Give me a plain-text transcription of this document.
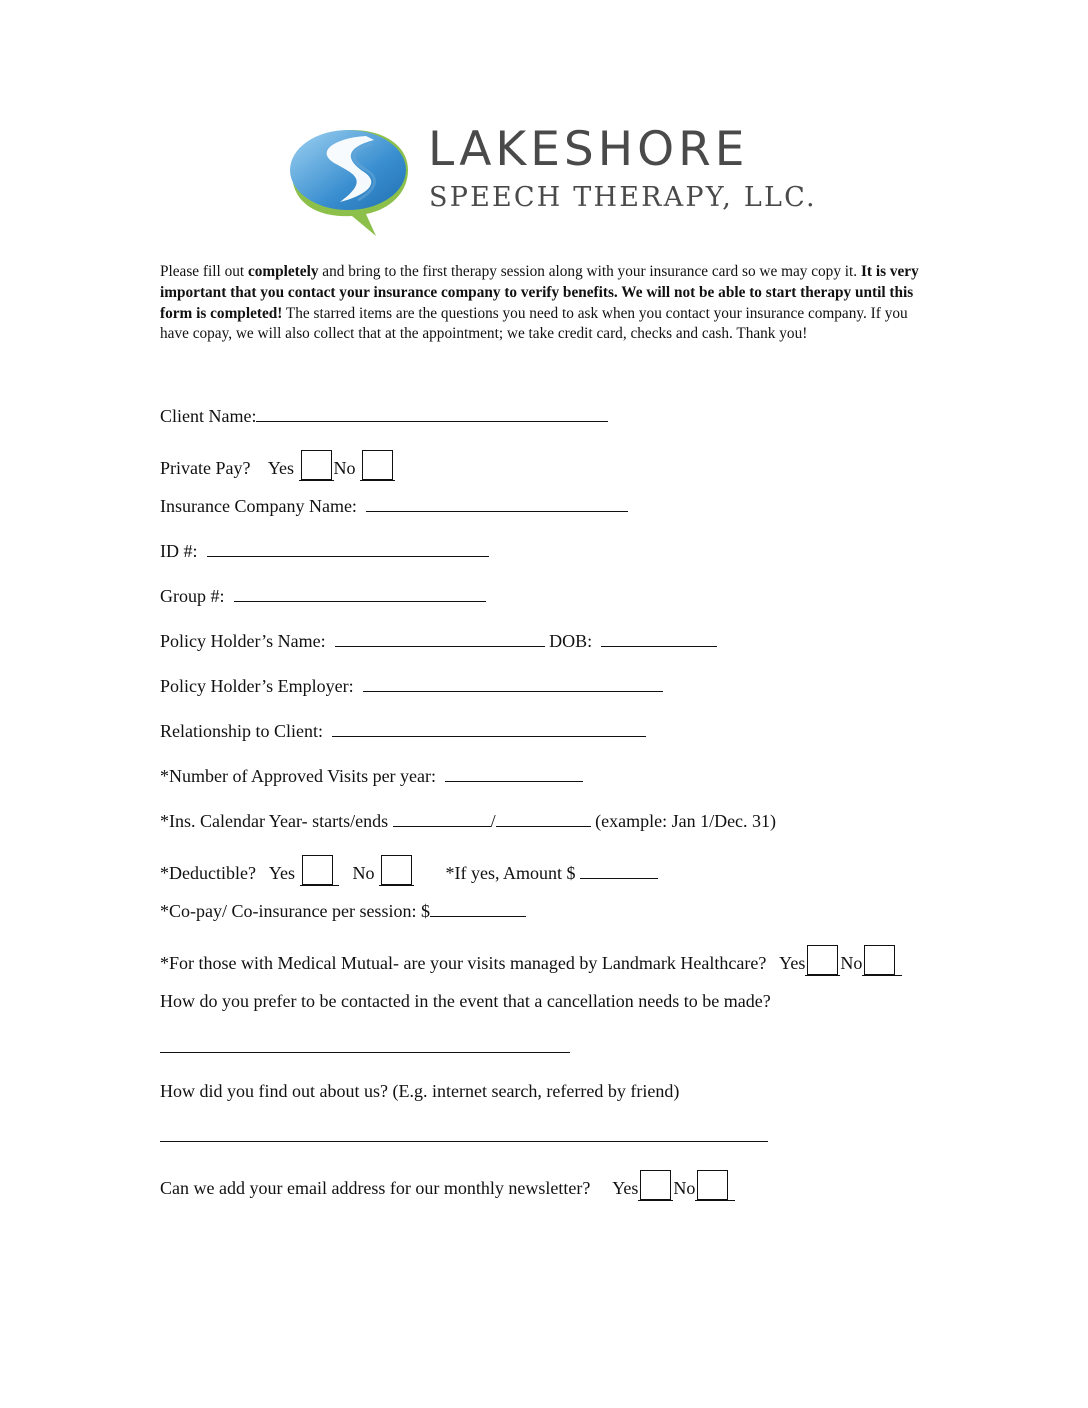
LAKESHORE
SPEECH THERAPY, LLC.
Please fill out completely and bring to the first therapy session along with your insurance card so we may copy it. It is very important that you contact your insurance company to verify benefits. We will not be able to start therapy until this form is completed! The starred items are the questions you need to ask when you contact your insurance company. If you have copay, we will also collect that at the appointment; we take credit card, checks and cash. Thank you!
Client Name:
Private Pay? Yes No
Insurance Company Name:
ID #:
Group #:
Policy Holder’s Name:	DOB:
Policy Holder’s Employer:
Relationship to Client:
*Number of Approved Visits per year:
*Ins. Calendar Year- starts/ends	/	(example: Jan 1/Dec. 31)
*Deductible? Yes	No	*If yes, Amount $
*Co-pay/ Co-insurance per session: $
*For those with Medical Mutual- are your visits managed by Landmark Healthcare? Yes No
How do you prefer to be contacted in the event that a cancellation needs to be made?
How did you find out about us? (E.g. internet search, referred by friend)
Can we add your email address for our monthly newsletter? Yes No
